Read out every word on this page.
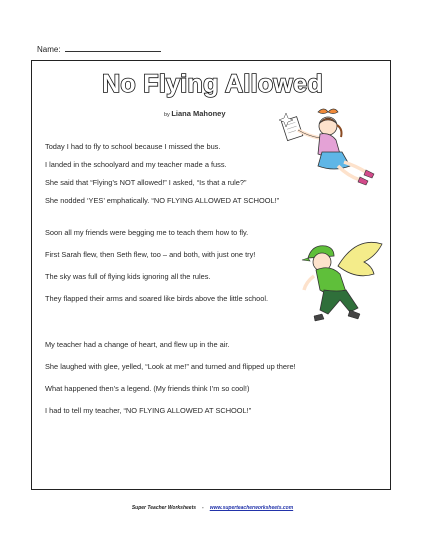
Name:
No Flying Allowed
by Liana Mahoney
Today I had to fly to school because I missed the bus.
I landed in the schoolyard and my teacher made a fuss.
She said that “Flying’s NOT allowed!” I asked, “Is that a rule?”
She nodded ‘YES’ emphatically. “NO FLYING ALLOWED AT SCHOOL!”
Soon all my friends were begging me to teach them how to fly.
First Sarah flew, then Seth flew, too – and both, with just one try!
The sky was full of flying kids ignoring all the rules.
They flapped their arms and soared like birds above the little school.
My teacher had a change of heart, and flew up in the air.
She laughed with glee, yelled, “Look at me!” and turned and flipped up there!
What happened then’s a legend. (My friends think I’m so cool!)
I had to tell my teacher, “NO FLYING ALLOWED AT SCHOOL!”
Super Teacher Worksheets - www.superteacherworksheets.com
